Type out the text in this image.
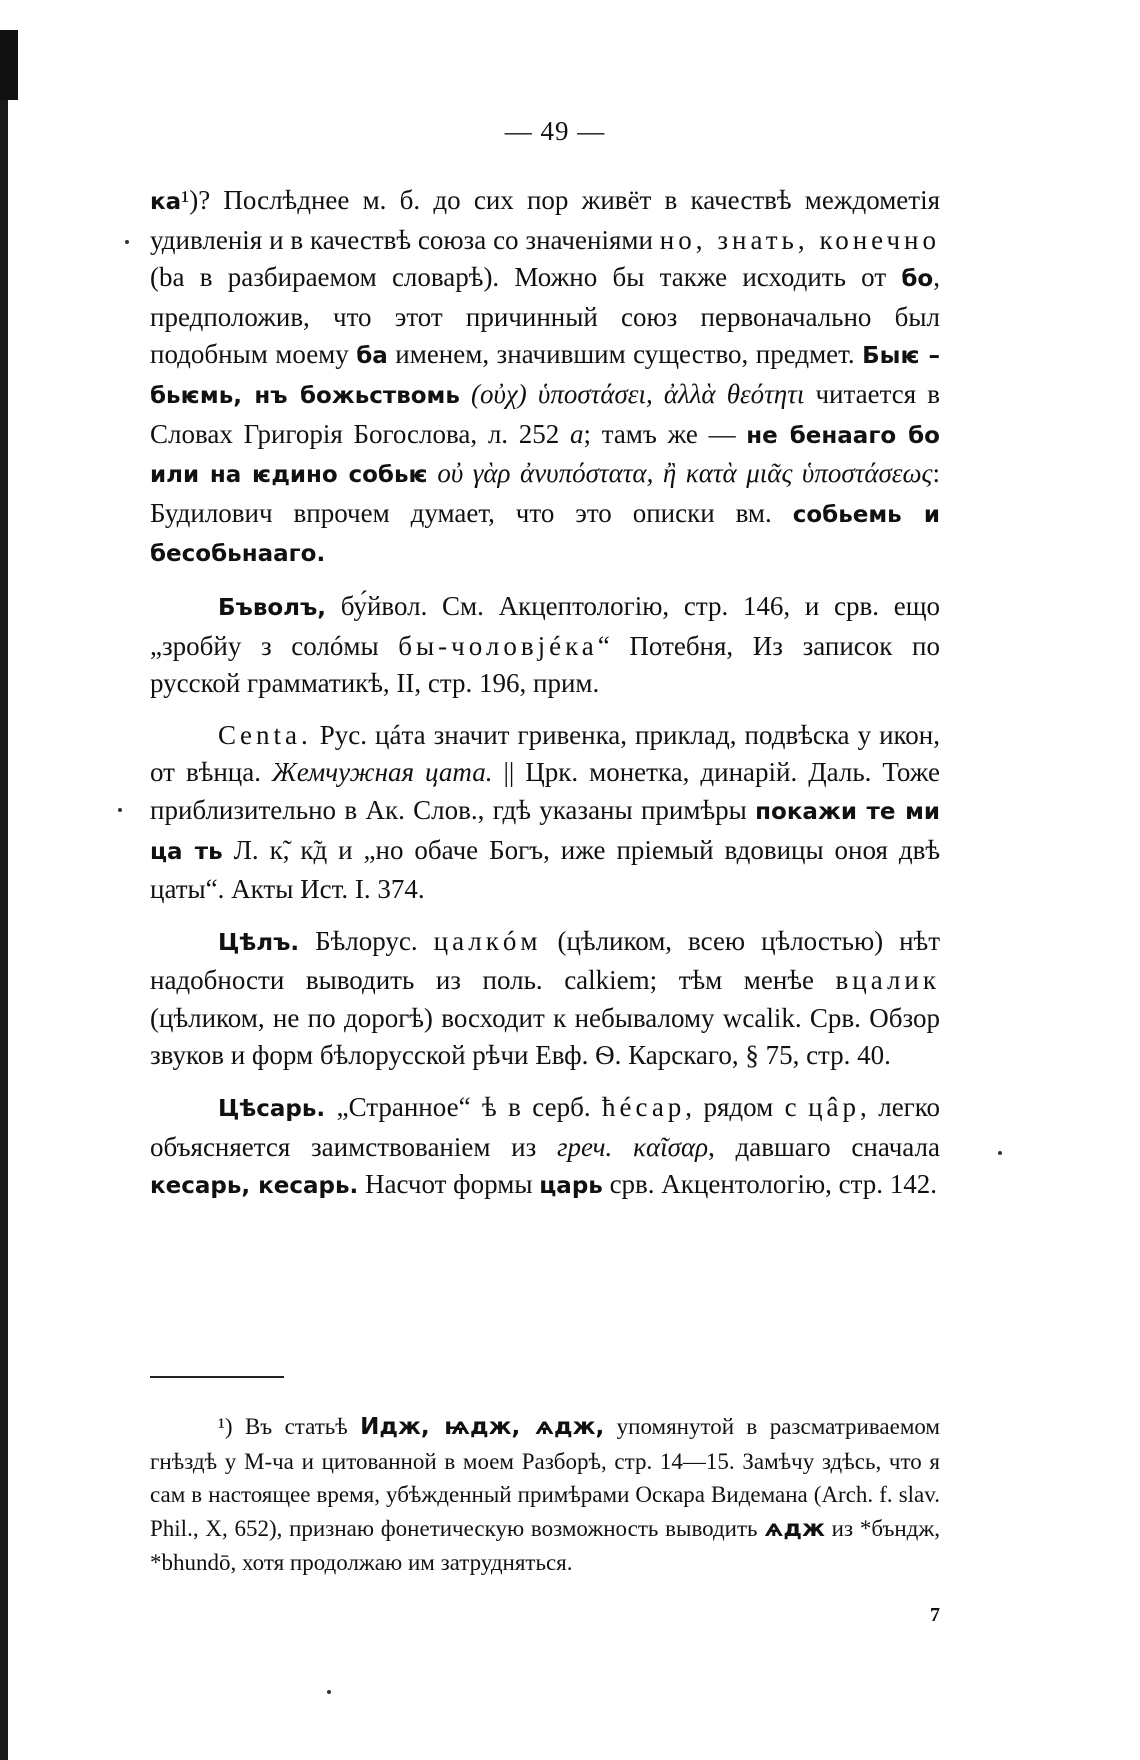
— 49 —

ка¹)? Послѣднее м. б. до сих пор живёт в качествѣ междометія удивленія и в качествѣ союза со значеніями но, знать, конечно (ba в разбираемом словарѣ). Можно бы также исходить от бо, предположив, что этот причинный союз первоначально был подобным моему ба именем, значившим существо, предмет. Быѥ – бьѥмь, нъ божьствомь (οὐχ) ὑποστάσει, ἀλλὰ θεότητι читается в Словах Григорія Богослова, л. 252 a; тамъ же — не бенааго бо или на ѥдино собьѥ οὐ γὰρ ἀνυπόστατα, ἢ κατὰ μιᾶς ὑποστάσεως: Будилович впрочем думает, что это описки вм. собьемь и бесобьнааго.

Бъволъ, бу́йвол. См. Акцептологію, стр. 146, и срв. ещо „зробйу з солóмы бы-чоловјéка“ Потебня, Из записок по русской грамматикѣ, II, стр. 196, прим.

Centa. Рус. цáта значит гривенка, приклад, подвѣска у икон, от вѣнца. Жемчужная цата. || Црк. монетка, динарій. Даль. Тоже приблизительно в Ак. Слов., гдѣ указаны примѣры покажи те ми ца ть Л. к̃, к̃д и „но обаче Богъ, иже пріемый вдовицы оноя двѣ цаты“. Акты Ист. I. 374.

Цѣлъ. Бѣлорус. цалкóм (цѣликом, всею цѣлостью) нѣт надобности выводить из поль. calkiem; тѣм менѣе вцалик (цѣликом, не по дорогѣ) восходит к небывалому wcalik. Срв. Обзор звуков и форм бѣлорусской рѣчи Евф. Ѳ. Карскаго, § 75, стр. 40.

Цѣсарь. „Странное“ ѣ в серб. ħéсар, рядом с цâр, легко объясняется заимствованіем из греч. καῖσαρ, давшаго сначала кесарь, кесарь. Насчот формы царь срв. Акцентологію, стр. 142.

¹) Въ статьѣ Идж, ѩдж, ѧдж, упомянутой в разсматриваемом гнѣздѣ у М-ча и цитованной в моем Разборѣ, стр. 14—15. Замѣчу здѣсь, что я сам в настоящее время, убѣжденный примѣрами Оскара Видемана (Arch. f. slav. Phil., X, 652), признаю фонетическую возможность выводить ѧдж из *бъндж, *bhundō, хотя продолжаю им затрудняться.
7
